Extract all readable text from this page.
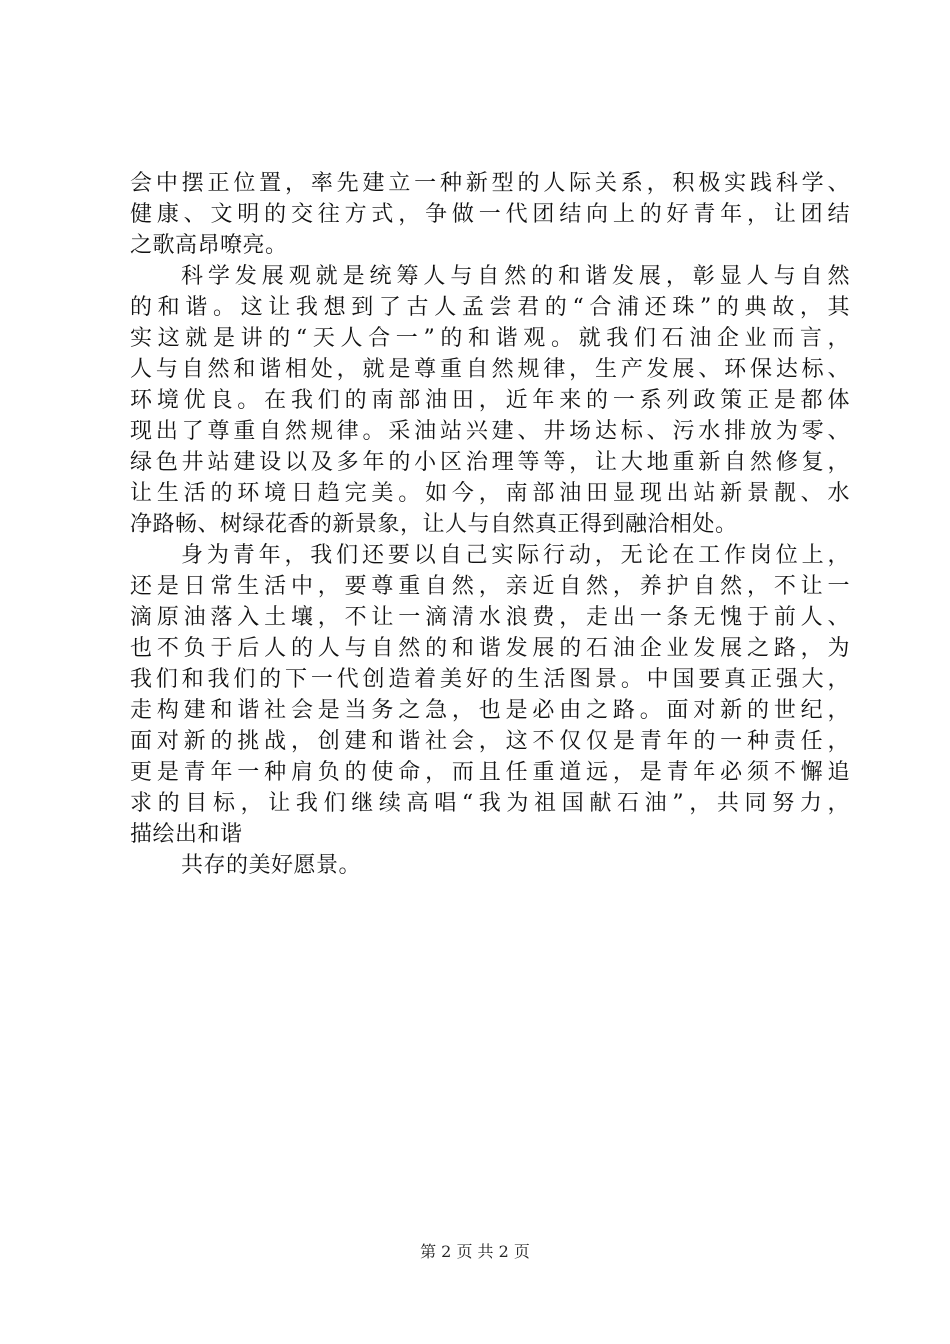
会中摆正位置，率先建立一种新型的人际关系，积极实践科学、
健康、文明的交往方式，争做一代团结向上的好青年，让团结
之歌高昂嘹亮。
科学发展观就是统筹人与自然的和谐发展，彰显人与自然
的和谐。这让我想到了古人孟尝君的“合浦还珠”的典故，其
实这就是讲的“天人合一”的和谐观。就我们石油企业而言，
人与自然和谐相处，就是尊重自然规律，生产发展、环保达标、
环境优良。在我们的南部油田，近年来的一系列政策正是都体
现出了尊重自然规律。采油站兴建、井场达标、污水排放为零、
绿色井站建设以及多年的小区治理等等，让大地重新自然修复，
让生活的环境日趋完美。如今，南部油田显现出站新景靓、水
净路畅、树绿花香的新景象，让人与自然真正得到融洽相处。
身为青年，我们还要以自己实际行动，无论在工作岗位上，
还是日常生活中，要尊重自然，亲近自然，养护自然，不让一
滴原油落入土壤，不让一滴清水浪费，走出一条无愧于前人、
也不负于后人的人与自然的和谐发展的石油企业发展之路，为
我们和我们的下一代创造着美好的生活图景。中国要真正强大，
走构建和谐社会是当务之急，也是必由之路。面对新的世纪，
面对新的挑战，创建和谐社会，这不仅仅是青年的一种责任，
更是青年一种肩负的使命，而且任重道远，是青年必须不懈追
求的目标，让我们继续高唱“我为祖国献石油”，共同努力，
描绘出和谐
共存的美好愿景。
第 2 页 共 2 页
